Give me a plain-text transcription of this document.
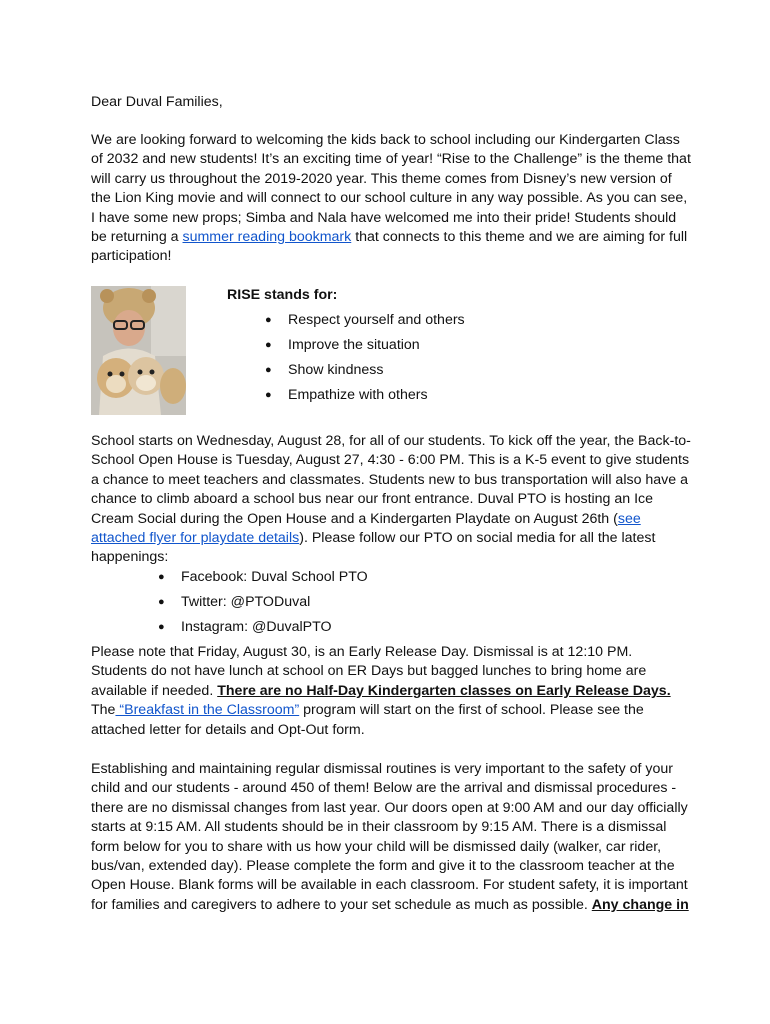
Dear Duval Families,

We are looking forward to welcoming the kids back to school including our Kindergarten Class of 2032 and new students! It’s an exciting time of year! “Rise to the Challenge” is the theme that will carry us throughout the 2019-2020 year. This theme comes from Disney’s new version of the Lion King movie and will connect to our school culture in any way possible. As you can see, I have some new props; Simba and Nala have welcomed me into their pride! Students should be returning a summer reading bookmark that connects to this theme and we are aiming for full participation!

RISE stands for:
● Respect yourself and others
● Improve the situation
● Show kindness
● Empathize with others

School starts on Wednesday, August 28, for all of our students. To kick off the year, the Back-to-School Open House is Tuesday, August 27, 4:30 - 6:00 PM. This is a K-5 event to give students a chance to meet teachers and classmates. Students new to bus transportation will also have a chance to climb aboard a school bus near our front entrance. Duval PTO is hosting an Ice Cream Social during the Open House and a Kindergarten Playdate on August 26th (see attached flyer for playdate details). Please follow our PTO on social media for all the latest happenings:

● Facebook: Duval School PTO
● Twitter: @PTODuval
● Instagram: @DuvalPTO

Please note that Friday, August 30, is an Early Release Day. Dismissal is at 12:10 PM. Students do not have lunch at school on ER Days but bagged lunches to bring home are available if needed. There are no Half-Day Kindergarten classes on Early Release Days. The “Breakfast in the Classroom” program will start on the first of school. Please see the attached letter for details and Opt-Out form.

Establishing and maintaining regular dismissal routines is very important to the safety of your child and our students - around 450 of them! Below are the arrival and dismissal procedures - there are no dismissal changes from last year. Our doors open at 9:00 AM and our day officially starts at 9:15 AM. All students should be in their classroom by 9:15 AM. There is a dismissal form below for you to share with us how your child will be dismissed daily (walker, car rider, bus/van, extended day). Please complete the form and give it to the classroom teacher at the Open House. Blank forms will be available in each classroom. For student safety, it is important for families and caregivers to adhere to your set schedule as much as possible. Any change in
